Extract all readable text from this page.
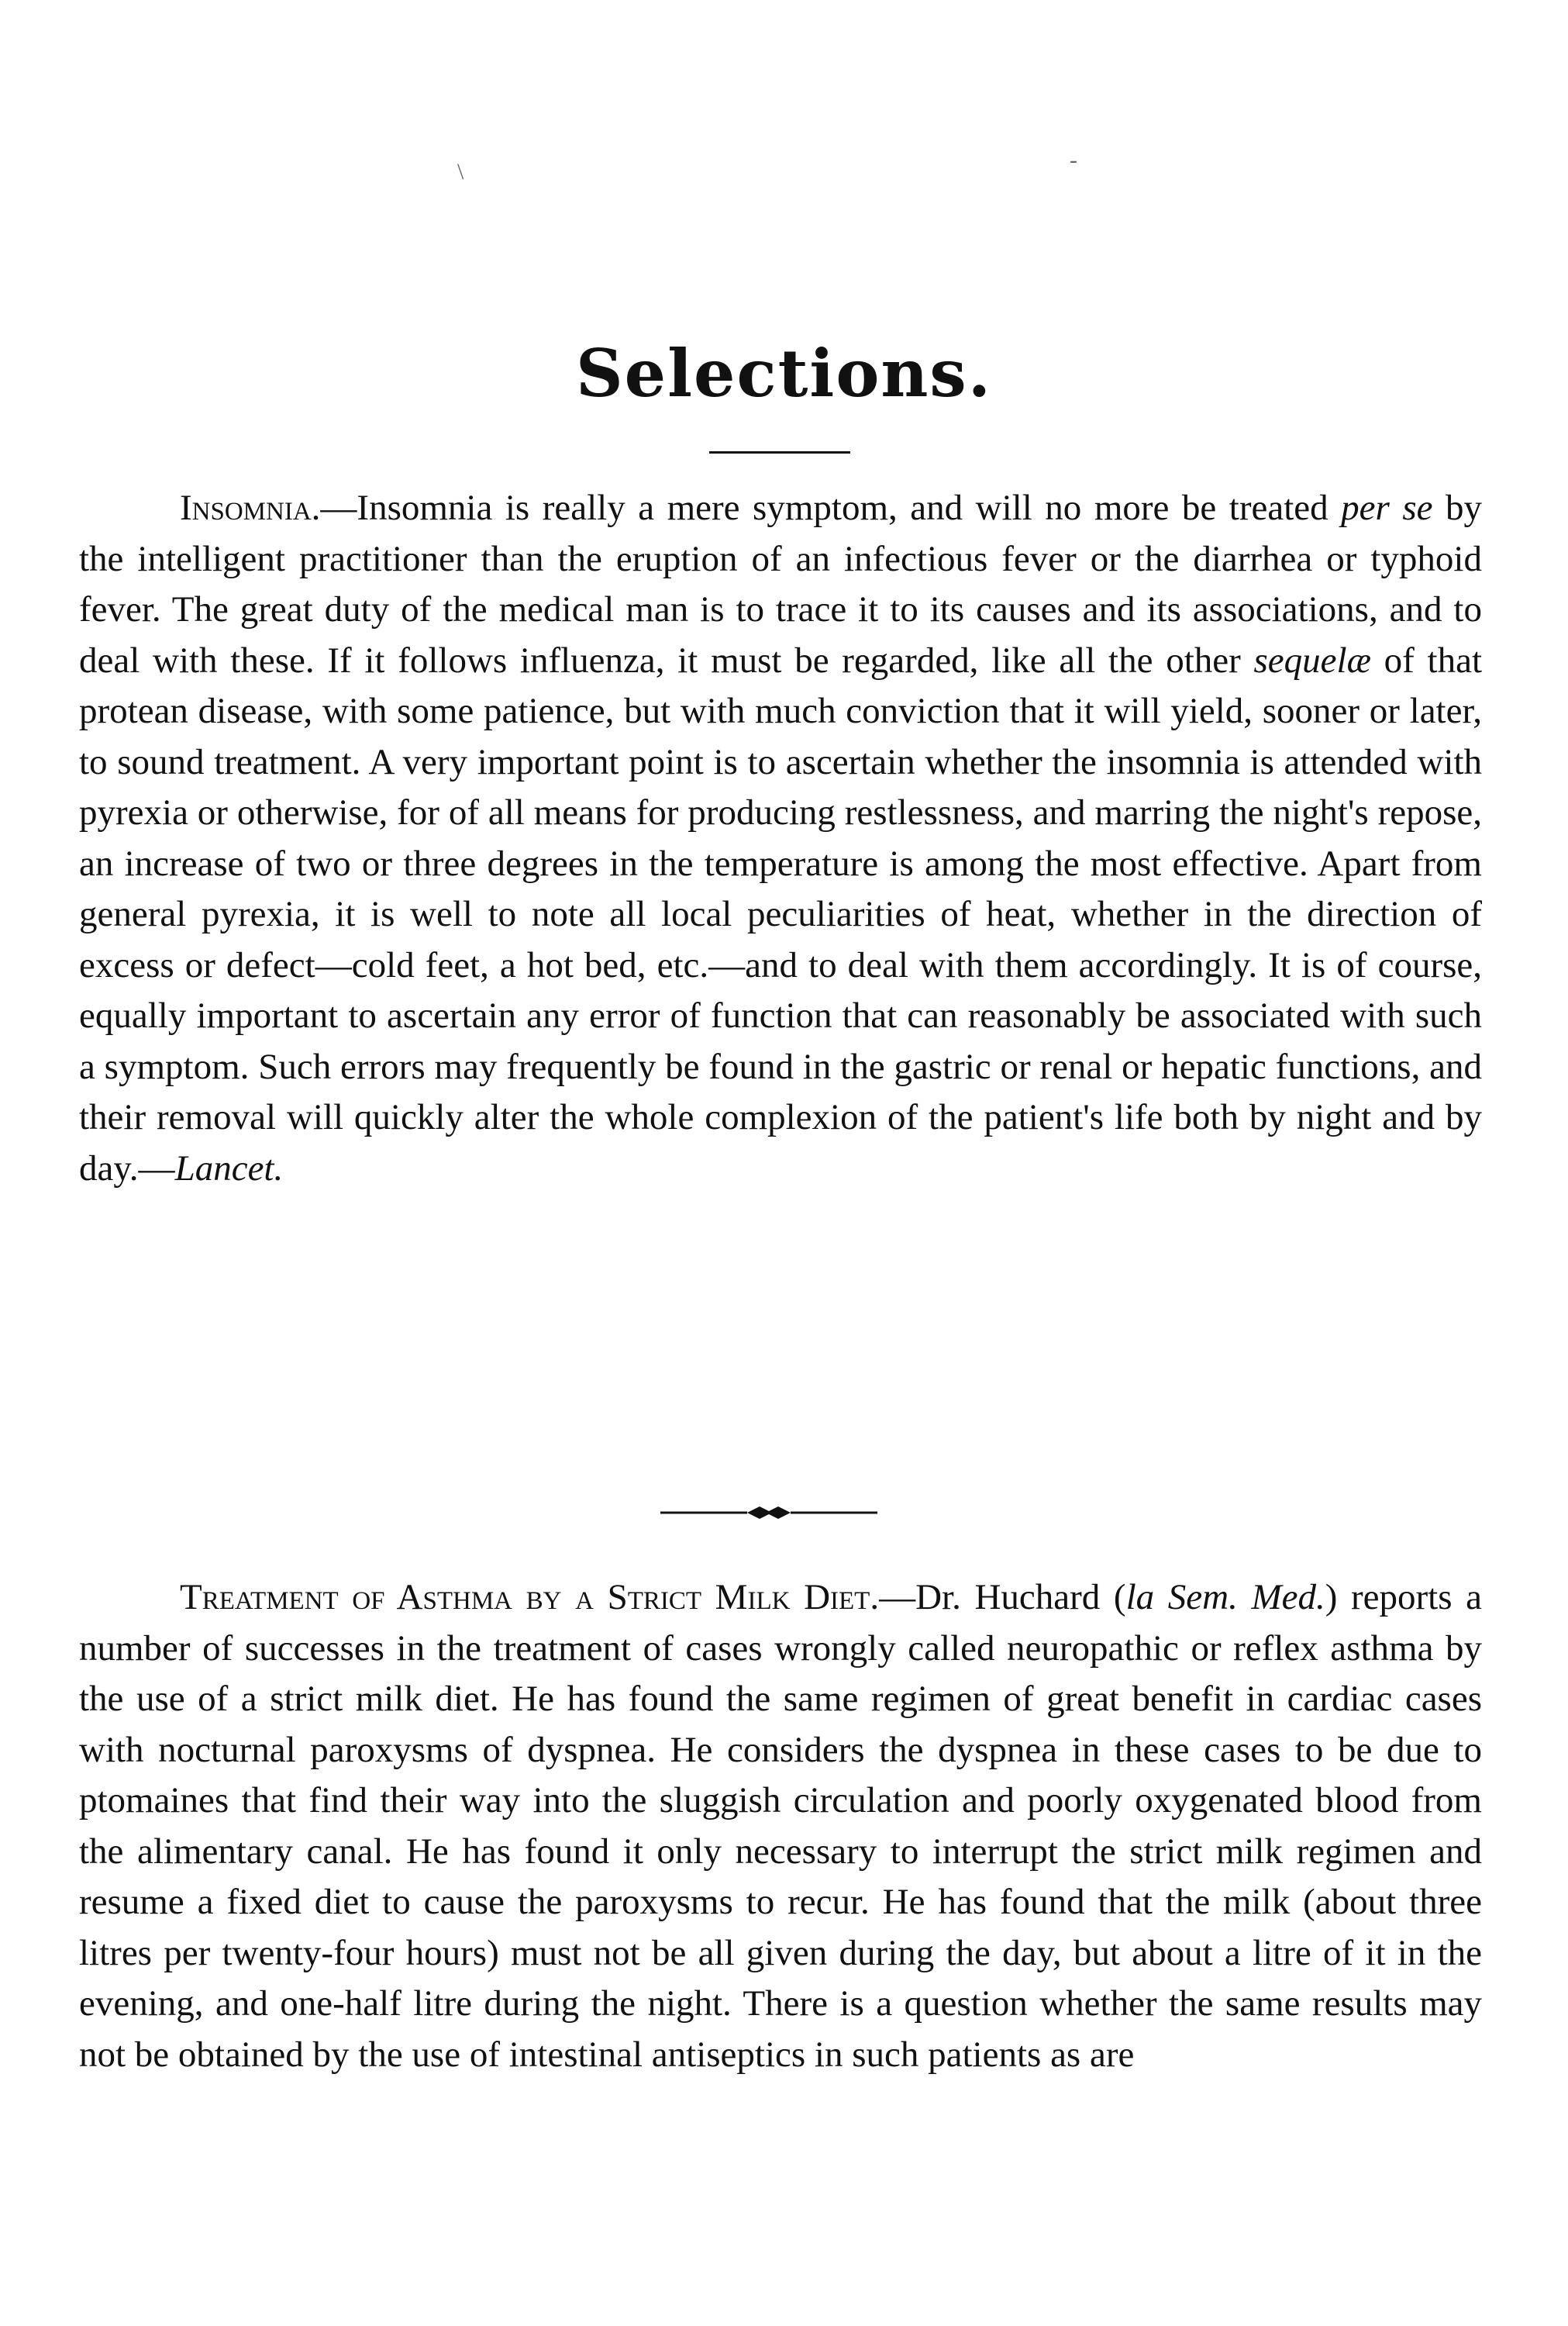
\	-
Selections.

Insomnia.—Insomnia is really a mere symptom, and will no more be treated per se by the intelligent practitioner than the eruption of an infectious fever or the diarrhea or typhoid fever. The great duty of the medical man is to trace it to its causes and its associations, and to deal with these. If it follows influenza, it must be regarded, like all the other sequelæ of that protean disease, with some patience, but with much conviction that it will yield, sooner or later, to sound treatment. A very important point is to ascertain whether the insomnia is attended with pyrexia or otherwise, for of all means for producing restlessness, and marring the night's repose, an increase of two or three degrees in the temperature is among the most effective. Apart from general pyrexia, it is well to note all local peculiarities of heat, whether in the direction of excess or defect—cold feet, a hot bed, etc.—and to deal with them accordingly. It is of course, equally important to ascertain any error of function that can reasonably be associated with such a symptom. Such errors may frequently be found in the gastric or renal or hepatic functions, and their removal will quickly alter the whole complexion of the patient's life both by night and by day.—Lancet.

Treatment of Asthma by a Strict Milk Diet.—Dr. Huchard (la Sem. Med.) reports a number of successes in the treatment of cases wrongly called neuropathic or reflex asthma by the use of a strict milk diet. He has found the same regimen of great benefit in cardiac cases with nocturnal paroxysms of dyspnea. He considers the dyspnea in these cases to be due to ptomaines that find their way into the sluggish circulation and poorly oxygenated blood from the alimentary canal. He has found it only necessary to interrupt the strict milk regimen and resume a fixed diet to cause the paroxysms to recur. He has found that the milk (about three litres per twenty-four hours) must not be all given during the day, but about a litre of it in the evening, and one-half litre during the night. There is a question whether the same results may not be obtained by the use of intestinal antiseptics in such patients as are
